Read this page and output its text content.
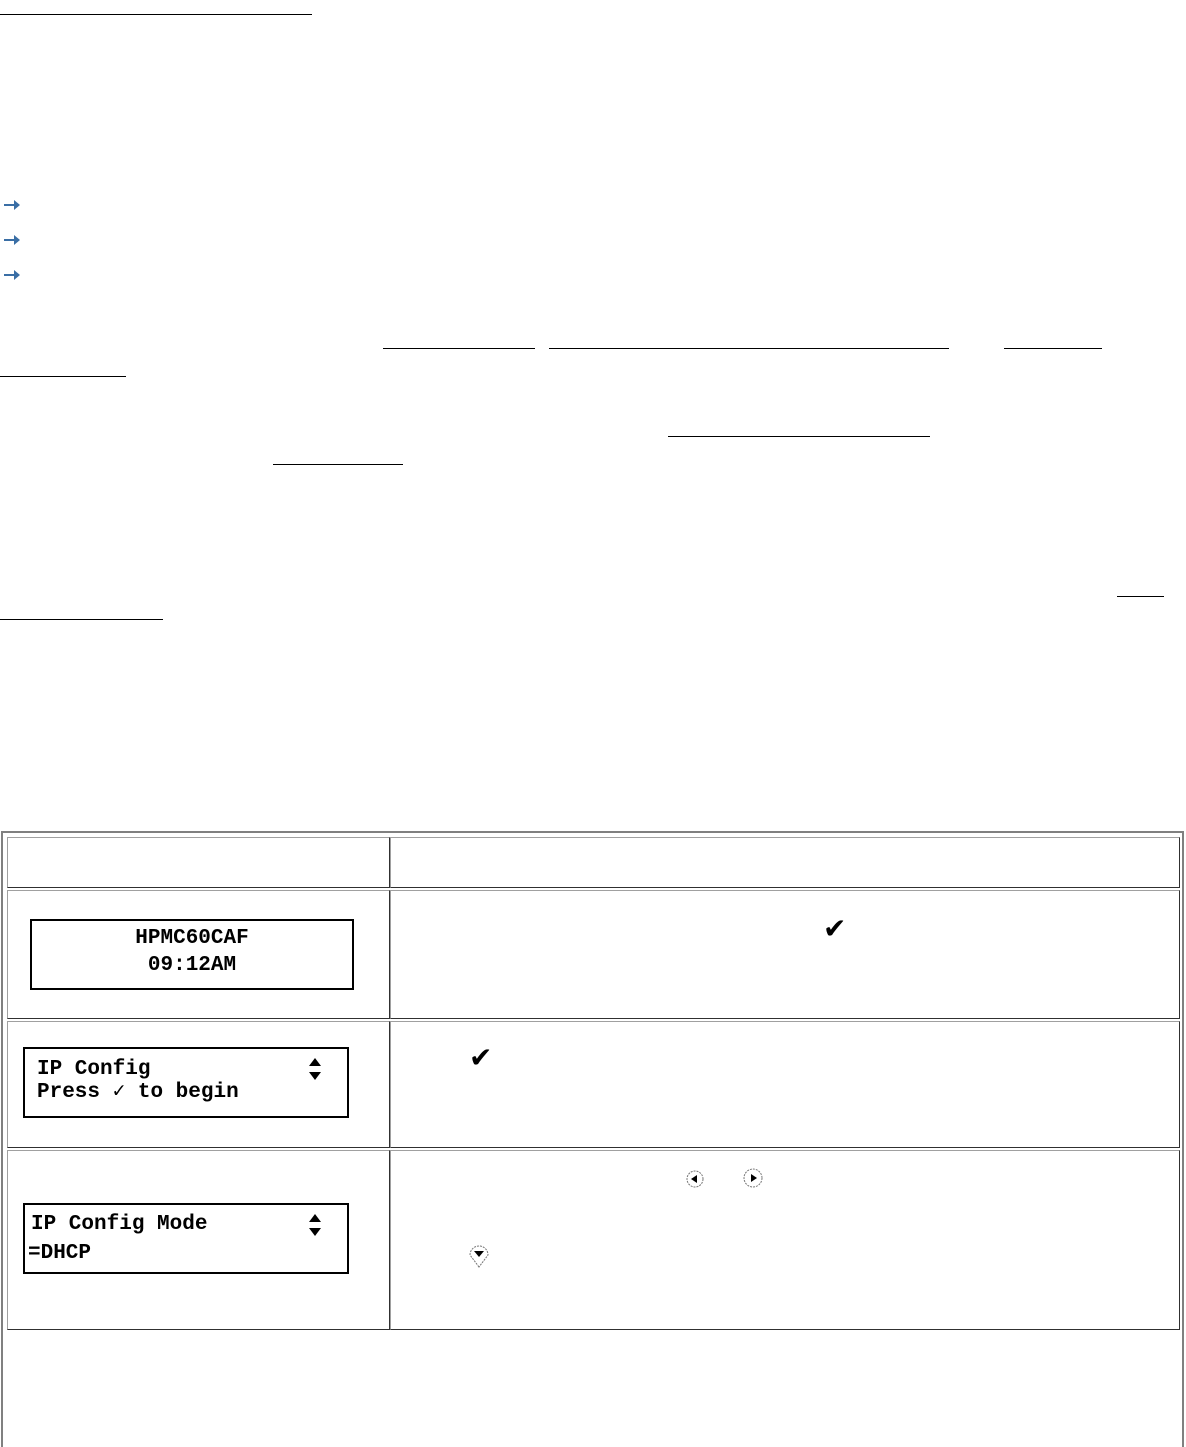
HPMC60CAF
09:12AM
✔
IP Config
Press ✓ to begin
✔
IP Config Mode
=DHCP
